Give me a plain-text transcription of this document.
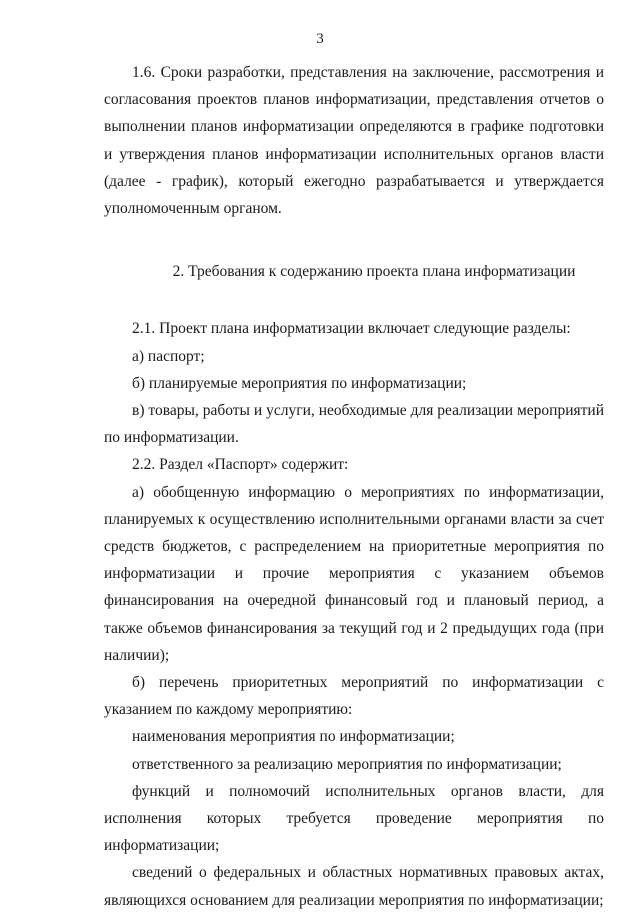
3

1.6. Сроки разработки, представления на заключение, рассмотрения и согласования проектов планов информатизации, представления отчетов о выполнении планов информатизации определяются в графике подготовки и утверждения планов информатизации исполнительных органов власти (далее - график), который ежегодно разрабатывается и утверждается уполномоченным органом.

2. Требования к содержанию проекта плана информатизации

2.1. Проект плана информатизации включает следующие разделы:

а) паспорт;

б) планируемые мероприятия по информатизации;

в) товары, работы и услуги, необходимые для реализации мероприятий по информатизации.

2.2. Раздел «Паспорт» содержит:

а) обобщенную информацию о мероприятиях по информатизации, планируемых к осуществлению исполнительными органами власти за счет средств бюджетов, с распределением на приоритетные мероприятия по информатизации и прочие мероприятия с указанием объемов финансирования на очередной финансовый год и плановый период, а также объемов финансирования за текущий год и 2 предыдущих года (при наличии);

б) перечень приоритетных мероприятий по информатизации с указанием по каждому мероприятию:

наименования мероприятия по информатизации;

ответственного за реализацию мероприятия по информатизации;

функций и полномочий исполнительных органов власти, для исполнения которых требуется проведение мероприятия по информатизации;

сведений о федеральных и областных нормативных правовых актах, являющихся основанием для реализации мероприятия по информатизации;
